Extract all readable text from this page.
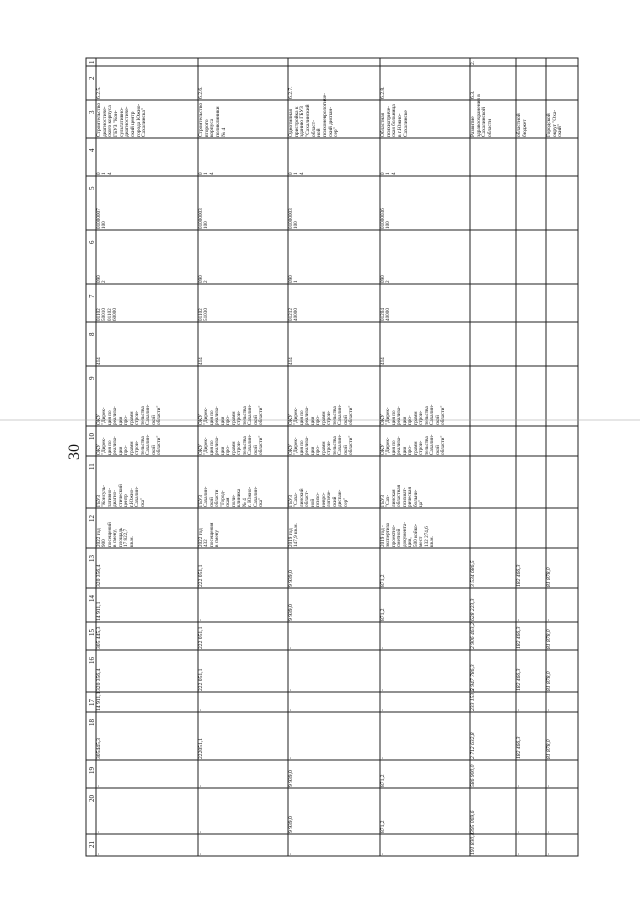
30
1
2
3
4
5
6
7
8
9
10
11
12
13
14
15
16
17
18
19
20
21
6.2.5.
Строительство диагностиче- ского корпуса ГБУЗ "Кон- сультативно- диагностиче- ский центр города Южно- Сахалинска"
0 1 4
01000007 100
090 2
01102 50010 01102 60000
414
ОКУ "Дирек- ция по реализа- ции про- грамм строи- тельства Сахалин- ской области"
ОКУ "Дирек- ция по реализа- ции про- грамм строи- тельства Сахалин- ской области"
ГБУЗ "Консуль- тативно- диагно- стический центр г.Южно- Сахалин- ска"
2022 год 900 посещений в смену, площадь 17 822,7 кв.м.
320 356,4
14 911,1
305 445,3
320 356,4
14 911,1
305445,3
-
-
-
6.2.6.
Строительство второго корпуса поликлиники № 4
0 1 4
01000003 100
090 2
01102 51030
414
ОКУ "Дирек- ция по реализа- ции про- грамм строи- тельства Сахалин- ской области"
ОКУ "Дирек- ция по реализа- ции про- грамм строи- тельства Сахалин- ской области"
ГБУЗ Сахалин- ской области "Город- ская поли- клиника № 4 г. Южно- Сахалин- ска"
2022 год 432 посещения в смену
222 051,1
-
222 051,1
222 051,1
-
222051,1
-
-
-
6.2.7.
Однотипная пристройка к зданию ГБУЗ "Сахалинский област- ной психоневрологиче- ский диспан- сер"
0 1 4
01000003 100
090 1
01212 40000
414
ОКУ "Дирек- ция по реализа- ции про- грамм строи- тельства Сахалин- ской области"
ОКУ "Дирек- ция по реализа- ции про- грамм строи- тельства Сахалин- ской области"
ГБУЗ "Саха- линский област- ной психо- невро- логиче- ский диспан- сер"
2019 год 147,9 кв.м.
9 939,0
9 939,0
-
-
-
-
9 939,0
9 939,0
-
6.2.8.
Областная психиатриче- ская больница в г.Южно- Сахалинске
0 1 4
01000036 100
090 2
01204 40000
414
ОКУ "Дирек- ция по реализа- ции про- грамм строи- тельства Сахалин- ской области"
ОКУ "Дирек- ция по реализа- ции про- грамм строи- тельства Сахалин- ской области"
ГБУЗ "Сах- линская областная психиат- рическая больни- ца"
2019 год - экспертиза проектно- сметной документа- ции, 500 койко- мест 132 274,6 кв.м.
871,2
871,2
-
-
-
-
871,2
871,2
-
2.
6.3.
Развитие здравоохранения в Сахалинской области
3 534 686,5
628 223,3
2 906 463,2
2 947 786,3
233 153,5
2 712 632,8
586 900,0
395 069,6
191 830,4
областной бюджет
182 466,3
-
182 466,3
182 466,3
-
182 466,3
-
-
-
Городской округ "Оха- ский"
81 878,0
-
81 878,0
81 878,0
-
81 878,0
-
-
-
